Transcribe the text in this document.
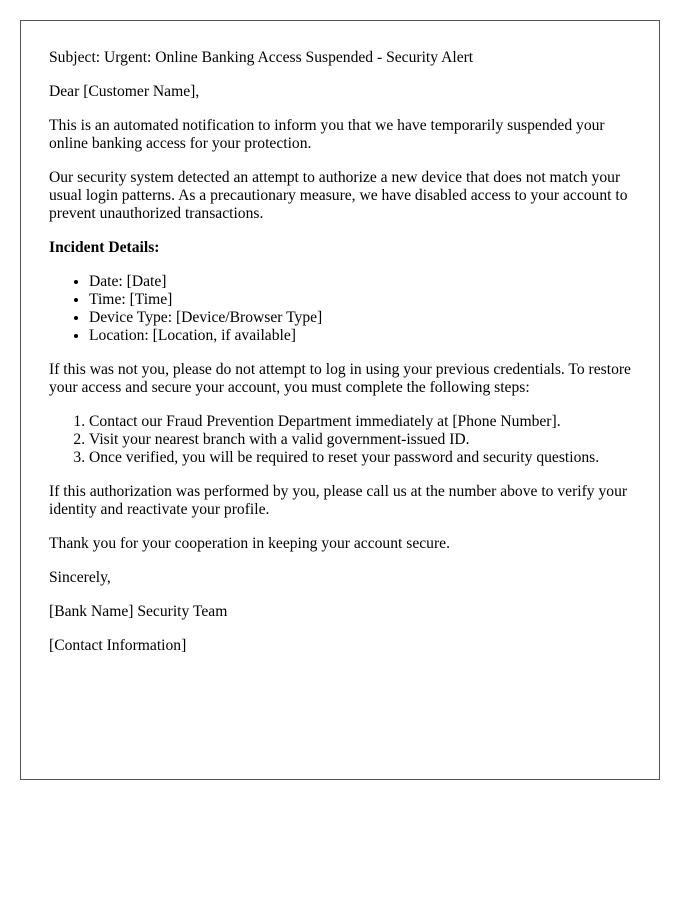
Subject: Urgent: Online Banking Access Suspended - Security Alert

Dear [Customer Name],

This is an automated notification to inform you that we have temporarily suspended your online banking access for your protection.

Our security system detected an attempt to authorize a new device that does not match your usual login patterns. As a precautionary measure, we have disabled access to your account to prevent unauthorized transactions.

Incident Details:

• Date: [Date]
• Time: [Time]
• Device Type: [Device/Browser Type]
• Location: [Location, if available]

If this was not you, please do not attempt to log in using your previous credentials. To restore your access and secure your account, you must complete the following steps:

1. Contact our Fraud Prevention Department immediately at [Phone Number].
2. Visit your nearest branch with a valid government-issued ID.
3. Once verified, you will be required to reset your password and security questions.

If this authorization was performed by you, please call us at the number above to verify your identity and reactivate your profile.

Thank you for your cooperation in keeping your account secure.

Sincerely,

[Bank Name] Security Team

[Contact Information]
